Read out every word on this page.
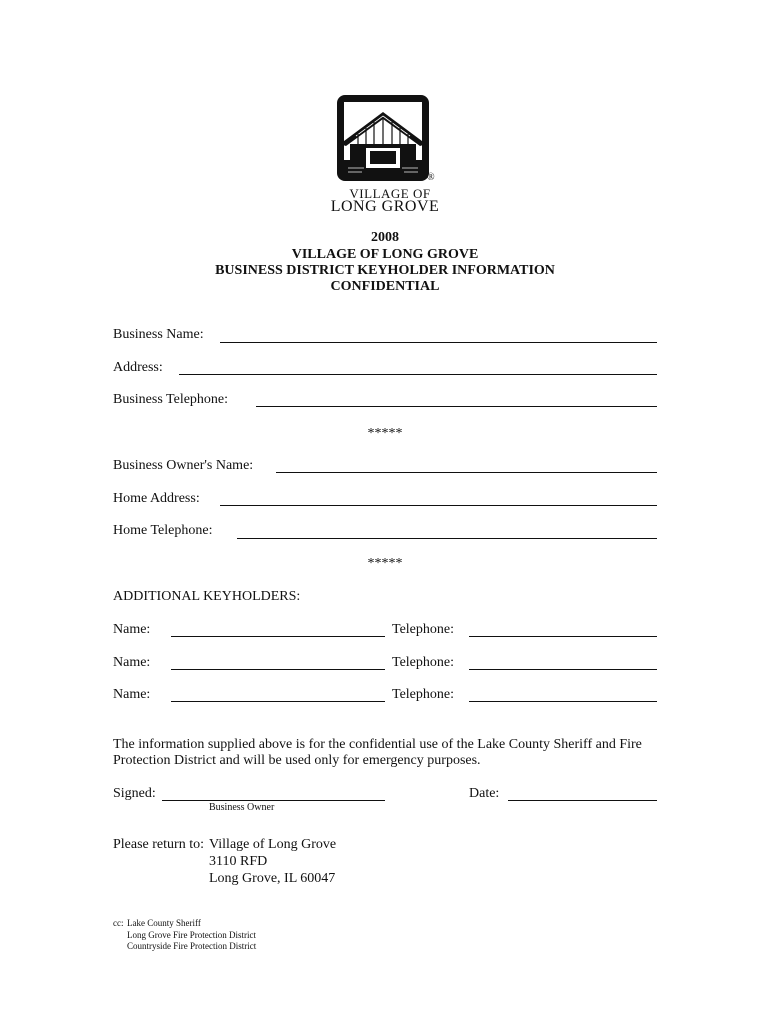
®
VILLAGE OF
LONG GROVE
2008
VILLAGE OF LONG GROVE
BUSINESS DISTRICT KEYHOLDER INFORMATION
CONFIDENTIAL
Business Name:
Address:
Business Telephone:
*****
Business Owner's Name:
Home Address:
Home Telephone:
*****
ADDITIONAL KEYHOLDERS:
Name:	Telephone:
Name:	Telephone:
Name:	Telephone:
The information supplied above is for the confidential use of the Lake County Sheriff and Fire
Protection District and will be used only for emergency purposes.
Signed:
Business Owner
Date:
Please return to: Village of Long Grove
3110 RFD
Long Grove, IL 60047
cc: Lake County Sheriff
Long Grove Fire Protection District
Countryside Fire Protection District
